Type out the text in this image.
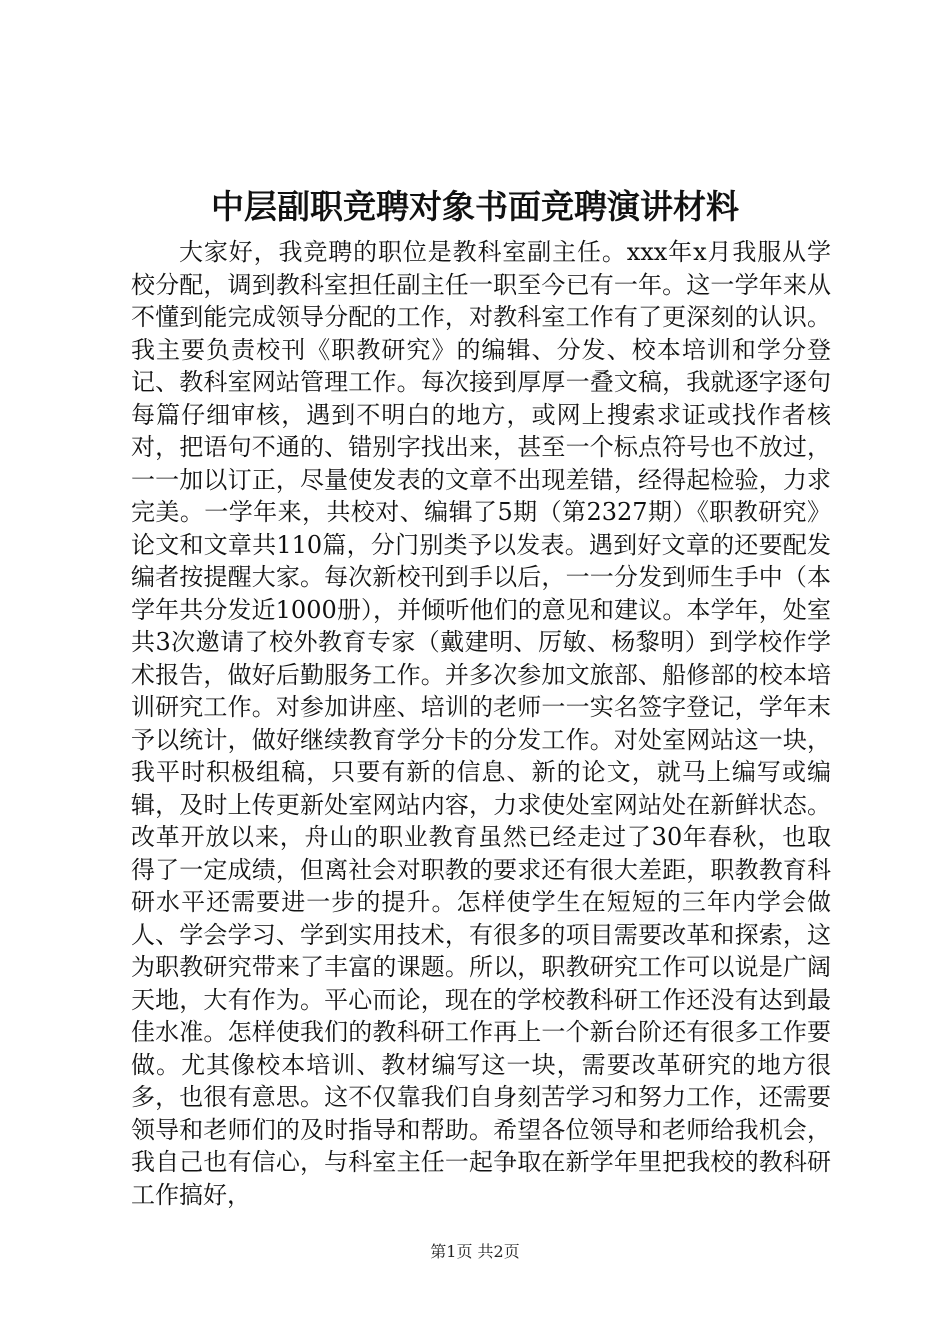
中层副职竞聘对象书面竞聘演讲材料

大家好，我竞聘的职位是教科室副主任。xxx年x月我服从学校分配，调到教科室担任副主任一职至今已有一年。这一学年来从不懂到能完成领导分配的工作，对教科室工作有了更深刻的认识。我主要负责校刊《职教研究》的编辑、分发、校本培训和学分登记、教科室网站管理工作。每次接到厚厚一叠文稿，我就逐字逐句每篇仔细审核，遇到不明白的地方，或网上搜索求证或找作者核对，把语句不通的、错别字找出来，甚至一个标点符号也不放过，一一加以订正，尽量使发表的文章不出现差错，经得起检验，力求完美。一学年来，共校对、编辑了5期（第2327期）《职教研究》论文和文章共110篇，分门别类予以发表。遇到好文章的还要配发编者按提醒大家。每次新校刊到手以后，一一分发到师生手中（本学年共分发近1000册），并倾听他们的意见和建议。本学年，处室共3次邀请了校外教育专家（戴建明、厉敏、杨黎明）到学校作学术报告，做好后勤服务工作。并多次参加文旅部、船修部的校本培训研究工作。对参加讲座、培训的老师一一实名签字登记，学年末予以统计，做好继续教育学分卡的分发工作。对处室网站这一块，我平时积极组稿，只要有新的信息、新的论文，就马上编写或编辑，及时上传更新处室网站内容，力求使处室网站处在新鲜状态。改革开放以来，舟山的职业教育虽然已经走过了30年春秋，也取得了一定成绩，但离社会对职教的要求还有很大差距，职教教育科研水平还需要进一步的提升。怎样使学生在短短的三年内学会做人、学会学习、学到实用技术，有很多的项目需要改革和探索，这为职教研究带来了丰富的课题。所以，职教研究工作可以说是广阔天地，大有作为。平心而论，现在的学校教科研工作还没有达到最佳水准。怎样使我们的教科研工作再上一个新台阶还有很多工作要做。尤其像校本培训、教材编写这一块，需要改革研究的地方很多，也很有意思。这不仅靠我们自身刻苦学习和努力工作，还需要领导和老师们的及时指导和帮助。希望各位领导和老师给我机会，我自己也有信心，与科室主任一起争取在新学年里把我校的教科研工作搞好，

第1页 共2页
